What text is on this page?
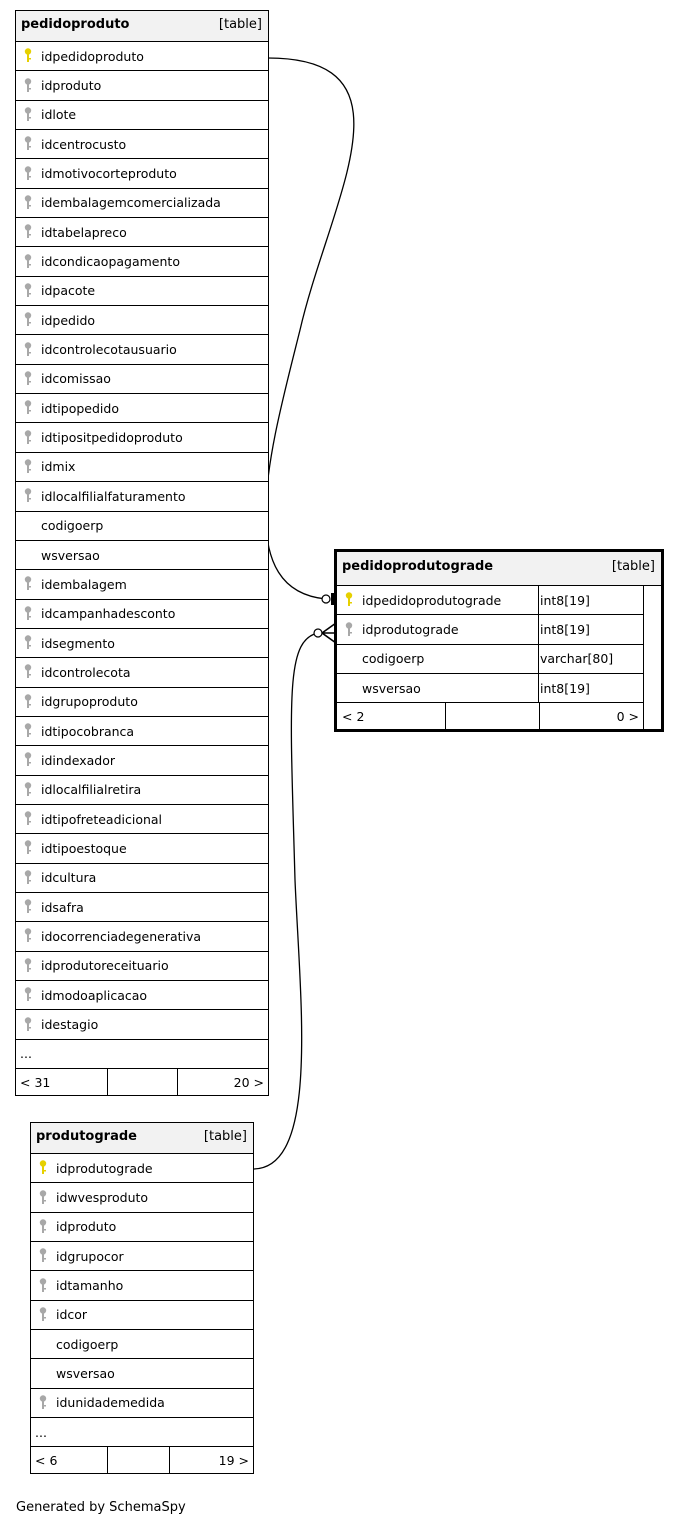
pedidoproduto	[table]
idpedidoproduto
idproduto
idlote
idcentrocusto
idmotivocorteproduto
idembalagemcomercializada
idtabelapreco
idcondicaopagamento
idpacote
idpedido
idcontrolecotausuario
idcomissao
idtipopedido
idtipositpedidoproduto
idmix
idlocalfilialfaturamento
codigoerp
wsversao
idembalagem
idcampanhadesconto
idsegmento
idcontrolecota
idgrupoproduto
idtipocobranca
idindexador
idlocalfilialretira
idtipofreteadicional
idtipoestoque
idcultura
idsafra
idocorrenciadegenerativa
idprodutoreceituario
idmodoaplicacao
idestagio
...
< 31	20 >
pedidoprodutograde	[table]
idpedidoprodutograde	int8[19]
idprodutograde	int8[19]
codigoerp	varchar[80]
wsversao	int8[19]
< 2	0 >
produtograde	[table]
idprodutograde
idwvesproduto
idproduto
idgrupocor
idtamanho
idcor
codigoerp
wsversao
idunidademedida
...
< 6	19 >
Generated by SchemaSpy
